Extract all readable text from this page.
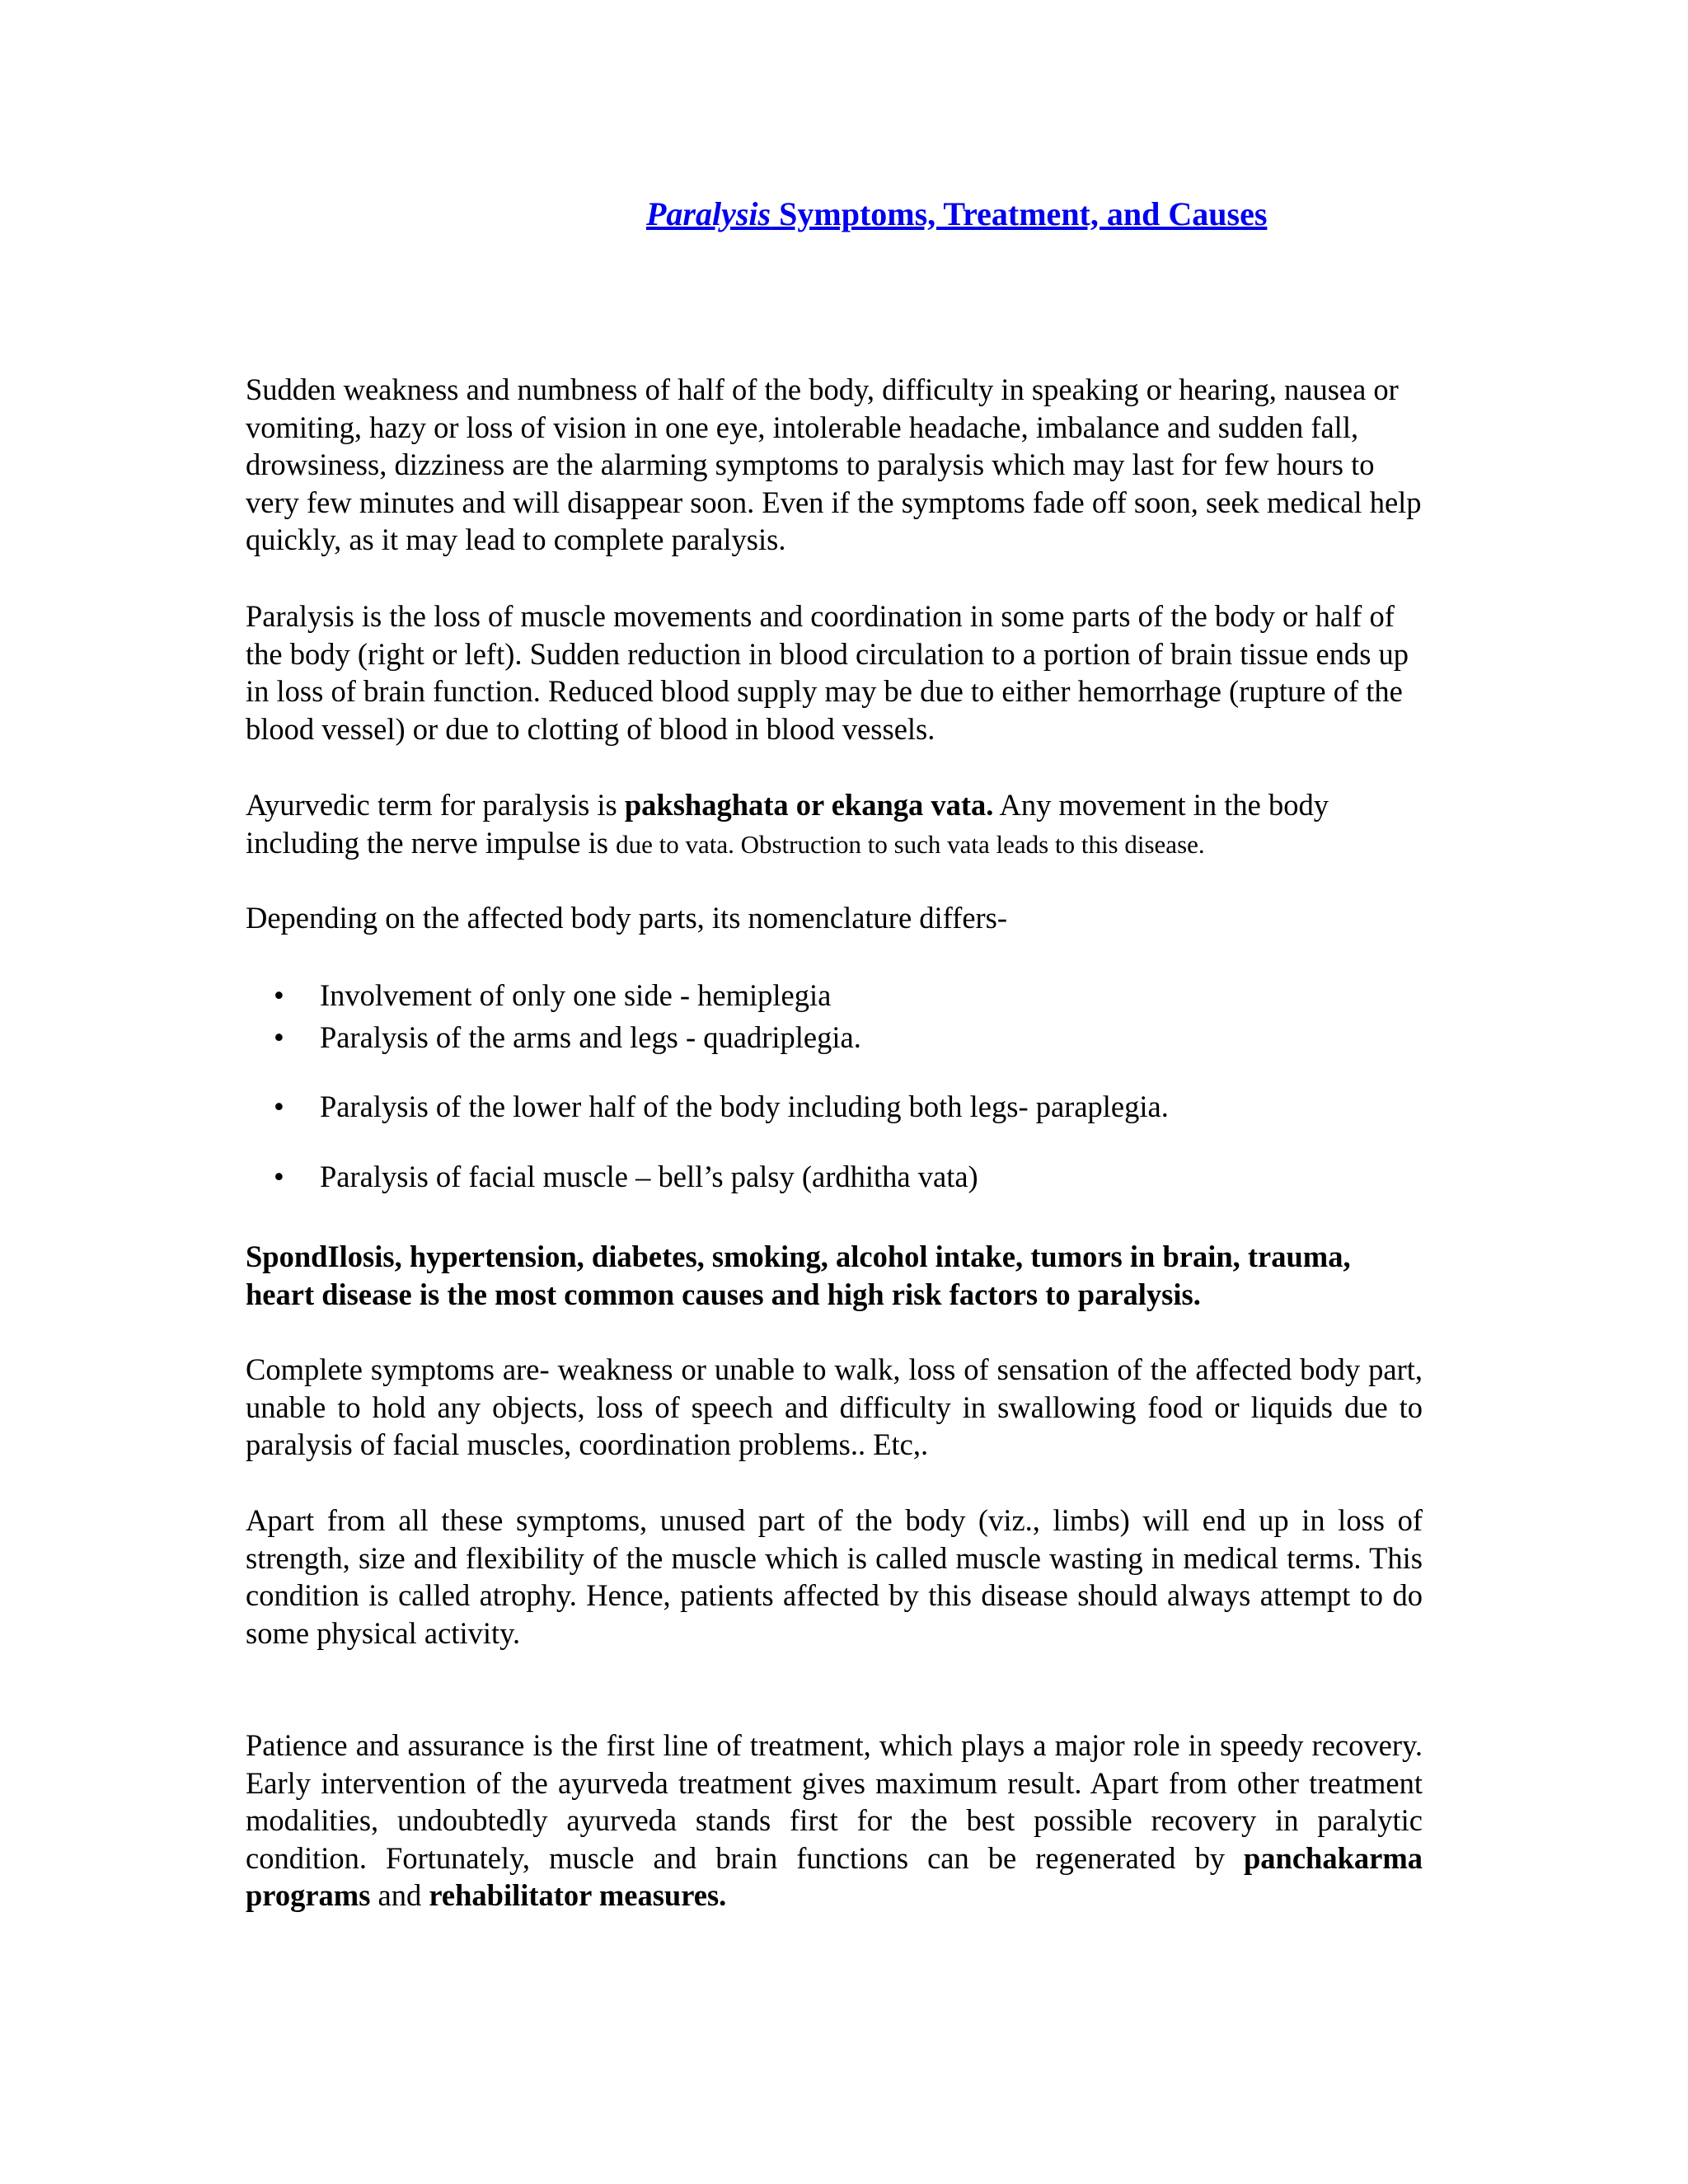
Paralysis Symptoms, Treatment, and Causes

Sudden weakness and numbness of half of the body, difficulty in speaking or hearing, nausea or vomiting, hazy or loss of vision in one eye, intolerable headache, imbalance and sudden fall, drowsiness, dizziness are the alarming symptoms to paralysis which may last for few hours to very few minutes and will disappear soon. Even if the symptoms fade off soon, seek medical help quickly, as it may lead to complete paralysis.

Paralysis is the loss of muscle movements and coordination in some parts of the body or half of the body (right or left). Sudden reduction in blood circulation to a portion of brain tissue ends up in loss of brain function. Reduced blood supply may be due to either hemorrhage (rupture of the blood vessel) or due to clotting of blood in blood vessels.

Ayurvedic term for paralysis is pakshaghata or ekanga vata. Any movement in the body including the nerve impulse is due to vata. Obstruction to such vata leads to this disease.

Depending on the affected body parts, its nomenclature differs-

• Involvement of only one side - hemiplegia
• Paralysis of the arms and legs - quadriplegia.
• Paralysis of the lower half of the body including both legs- paraplegia.
• Paralysis of facial muscle – bell’s palsy (ardhitha vata)

SpondIlosis, hypertension, diabetes, smoking, alcohol intake, tumors in brain, trauma, heart disease is the most common causes and high risk factors to paralysis.

Complete symptoms are- weakness or unable to walk, loss of sensation of the affected body part, unable to hold any objects, loss of speech and difficulty in swallowing food or liquids due to paralysis of facial muscles, coordination problems.. Etc,.

Apart from all these symptoms, unused part of the body (viz., limbs) will end up in loss of strength, size and flexibility of the muscle which is called muscle wasting in medical terms. This condition is called atrophy. Hence, patients affected by this disease should always attempt to do some physical activity.

Patience and assurance is the first line of treatment, which plays a major role in speedy recovery. Early intervention of the ayurveda treatment gives maximum result. Apart from other treatment modalities, undoubtedly ayurveda stands first for the best possible recovery in paralytic condition. Fortunately, muscle and brain functions can be regenerated by panchakarma programs and rehabilitator measures.
